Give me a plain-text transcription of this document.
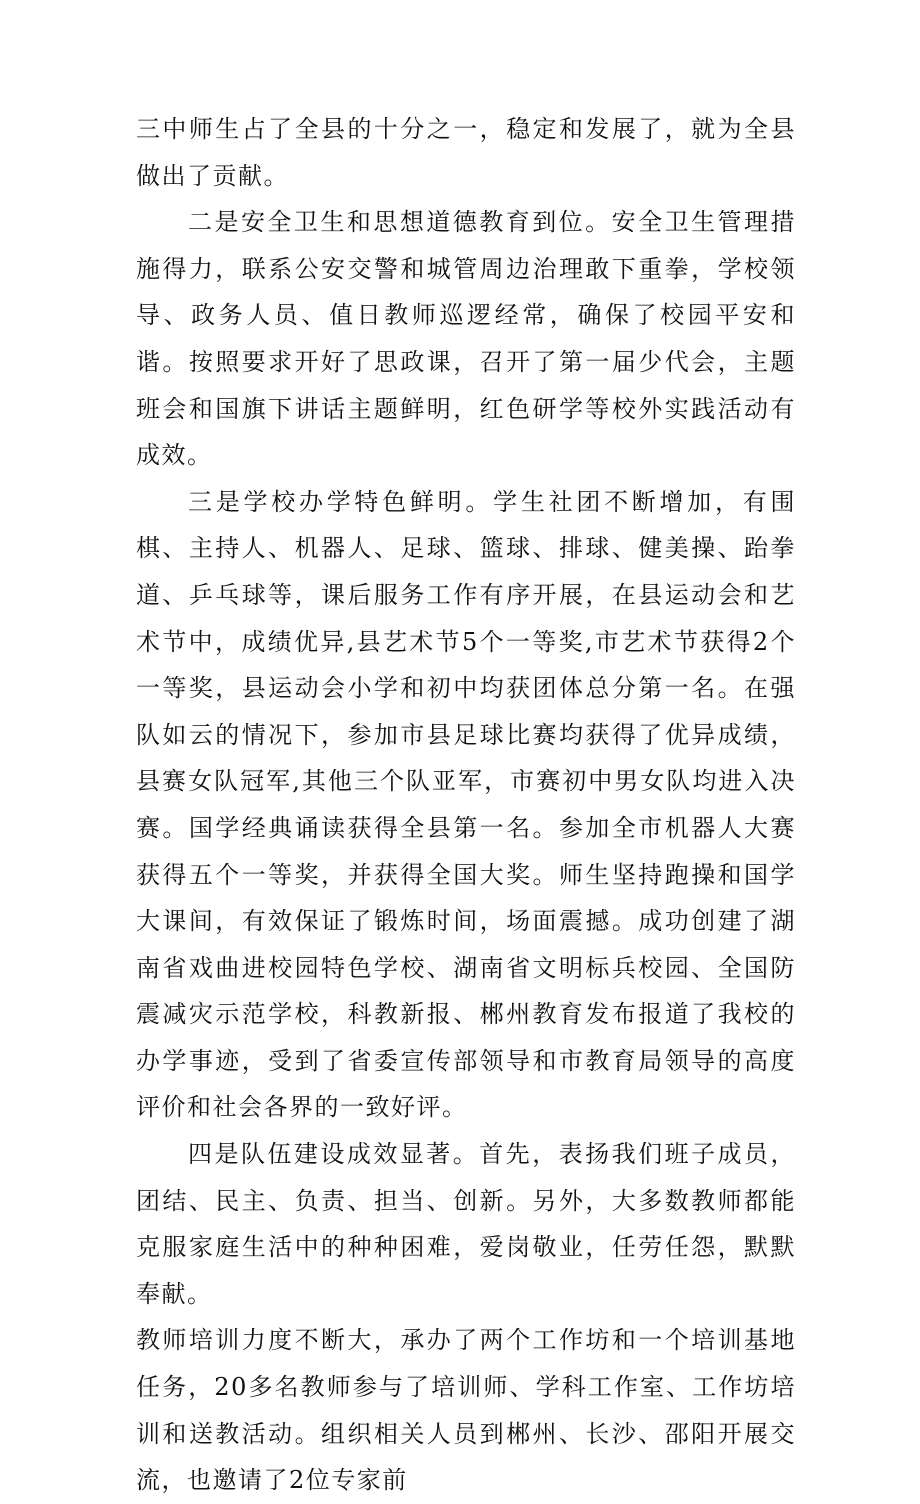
三中师生占了全县的十分之一，稳定和发展了，就为全县做出了贡献。

二是安全卫生和思想道德教育到位。安全卫生管理措施得力，联系公安交警和城管周边治理敢下重拳，学校领导、政务人员、值日教师巡逻经常，确保了校园平安和谐。按照要求开好了思政课，召开了第一届少代会，主题班会和国旗下讲话主题鲜明，红色研学等校外实践活动有成效。

三是学校办学特色鲜明。学生社团不断增加，有围棋、主持人、机器人、足球、篮球、排球、健美操、跆拳道、乒乓球等，课后服务工作有序开展，在县运动会和艺术节中，成绩优异,县艺术节5个一等奖,市艺术节获得2个一等奖，县运动会小学和初中均获团体总分第一名。在强队如云的情况下，参加市县足球比赛均获得了优异成绩，县赛女队冠军,其他三个队亚军，市赛初中男女队均进入决赛。国学经典诵读获得全县第一名。参加全市机器人大赛获得五个一等奖，并获得全国大奖。师生坚持跑操和国学大课间，有效保证了锻炼时间，场面震撼。成功创建了湖南省戏曲进校园特色学校、湖南省文明标兵校园、全国防震减灾示范学校，科教新报、郴州教育发布报道了我校的办学事迹，受到了省委宣传部领导和市教育局领导的高度评价和社会各界的一致好评。

四是队伍建设成效显著。首先，表扬我们班子成员，团结、民主、负责、担当、创新。另外，大多数教师都能克服家庭生活中的种种困难，爱岗敬业，任劳任怨，默默奉献。

教师培训力度不断大，承办了两个工作坊和一个培训基地任务，20多名教师参与了培训师、学科工作室、工作坊培训和送教活动。组织相关人员到郴州、长沙、邵阳开展交流，也邀请了2位专家前
